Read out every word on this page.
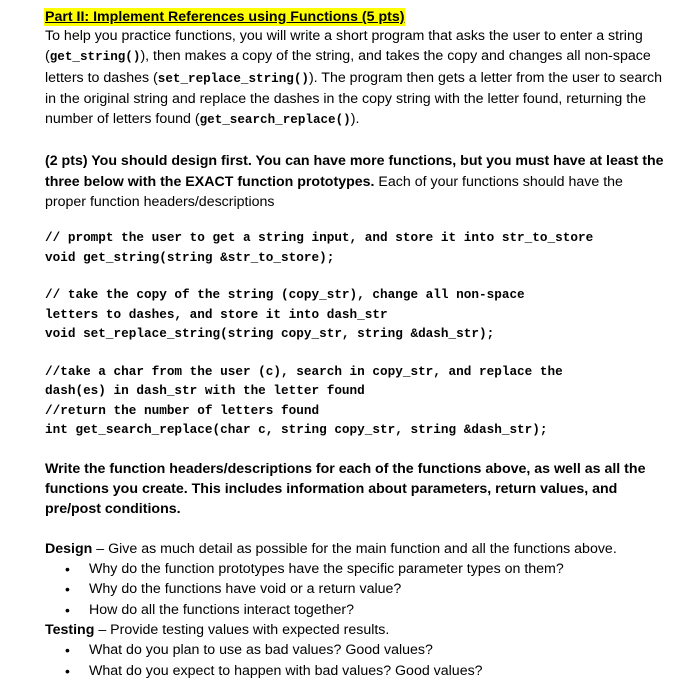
Part II: Implement References using Functions (5 pts)

To help you practice functions, you will write a short program that asks the user to enter a string (get_string()), then makes a copy of the string, and takes the copy and changes all non-space letters to dashes (set_replace_string()). The program then gets a letter from the user to search in the original string and replace the dashes in the copy string with the letter found, returning the number of letters found (get_search_replace()).

(2 pts) You should design first. You can have more functions, but you must have at least the three below with the EXACT function prototypes. Each of your functions should have the proper function headers/descriptions

// prompt the user to get a string input, and store it into str_to_store

void get_string(string &str_to_store);

// take the copy of the string (copy_str), change all non-space

letters to dashes, and store it into dash_str

void set_replace_string(string copy_str, string &dash_str);

//take a char from the user (c), search in copy_str, and replace the

dash(es) in dash_str with the letter found

//return the number of letters found

int get_search_replace(char c, string copy_str, string &dash_str);

Write the function headers/descriptions for each of the functions above, as well as all the functions you create. This includes information about parameters, return values, and pre/post conditions.

Design – Give as much detail as possible for the main function and all the functions above.

• Why do the function prototypes have the specific parameter types on them?
• Why do the functions have void or a return value?
• How do all the functions interact together?

Testing – Provide testing values with expected results.

• What do you plan to use as bad values? Good values?
• What do you expect to happen with bad values? Good values?
